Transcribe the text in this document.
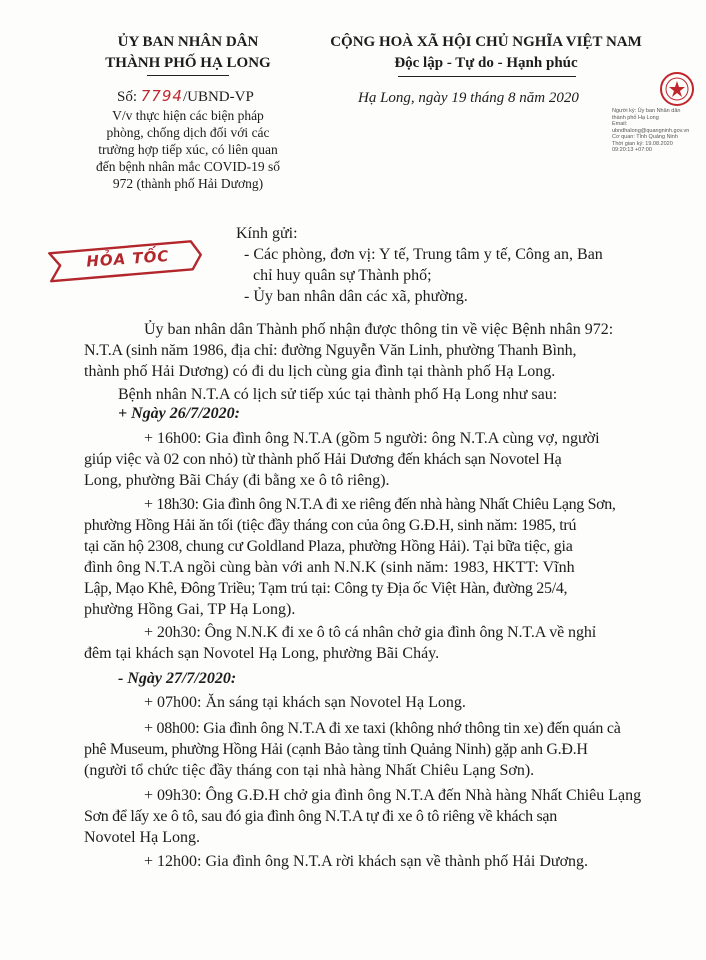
ỦY BAN NHÂN DÂN
THÀNH PHỐ HẠ LONG
Số: 7794/UBND-VP
V/v thực hiện các biện pháp
phòng, chống dịch đối với các
trường hợp tiếp xúc, có liên quan
đến bệnh nhân mắc COVID-19 số
972 (thành phố Hải Dương)
CỘNG HOÀ XÃ HỘI CHỦ NGHĨA VIỆT NAM
Độc lập - Tự do - Hạnh phúc
Hạ Long, ngày 19 tháng 8 năm 2020
Người ký: Ủy ban Nhân dân
thành phố Hạ Long
Email:
ubndhalong@quangninh.gov.vn
Cơ quan: Tỉnh Quảng Ninh
Thời gian ký: 19.08.2020
09:20:13 +07:00
HỎA TỐC
Kính gửi:
- Các phòng, đơn vị: Y tế, Trung tâm y tế, Công an, Ban
chỉ huy quân sự Thành phố;
- Ủy ban nhân dân các xã, phường.
Ủy ban nhân dân Thành phố nhận được thông tin về việc Bệnh nhân 972:
N.T.A (sinh năm 1986, địa chỉ: đường Nguyễn Văn Linh, phường Thanh Bình,
thành phố Hải Dương) có đi du lịch cùng gia đình tại thành phố Hạ Long.
Bệnh nhân N.T.A có lịch sử tiếp xúc tại thành phố Hạ Long như sau:
+ Ngày 26/7/2020:
+ 16h00: Gia đình ông N.T.A (gồm 5 người: ông N.T.A cùng vợ, người
giúp việc và 02 con nhỏ) từ thành phố Hải Dương đến khách sạn Novotel Hạ
Long, phường Bãi Cháy (đi bằng xe ô tô riêng).
+ 18h30: Gia đình ông N.T.A đi xe riêng đến nhà hàng Nhất Chiêu Lạng Sơn,
phường Hồng Hải ăn tối (tiệc đầy tháng con của ông G.Đ.H, sinh năm: 1985, trú
tại căn hộ 2308, chung cư Goldland Plaza, phường Hồng Hải). Tại bữa tiệc, gia
đình ông N.T.A ngồi cùng bàn với anh N.N.K (sinh năm: 1983, HKTT: Vĩnh
Lập, Mạo Khê, Đông Triều; Tạm trú tại: Công ty Địa ốc Việt Hàn, đường 25/4,
phường Hồng Gai, TP Hạ Long).
+ 20h30: Ông N.N.K đi xe ô tô cá nhân chở gia đình ông N.T.A về nghỉ
đêm tại khách sạn Novotel Hạ Long, phường Bãi Cháy.
- Ngày 27/7/2020:
+ 07h00: Ăn sáng tại khách sạn Novotel Hạ Long.
+ 08h00: Gia đình ông N.T.A đi xe taxi (không nhớ thông tin xe) đến quán cà
phê Museum, phường Hồng Hải (cạnh Bảo tàng tỉnh Quảng Ninh) gặp anh G.Đ.H
(người tổ chức tiệc đầy tháng con tại nhà hàng Nhất Chiêu Lạng Sơn).
+ 09h30: Ông G.Đ.H chở gia đình ông N.T.A đến Nhà hàng Nhất Chiêu Lạng
Sơn để lấy xe ô tô, sau đó gia đình ông N.T.A tự đi xe ô tô riêng về khách sạn
Novotel Hạ Long.
+ 12h00: Gia đình ông N.T.A rời khách sạn về thành phố Hải Dương.
